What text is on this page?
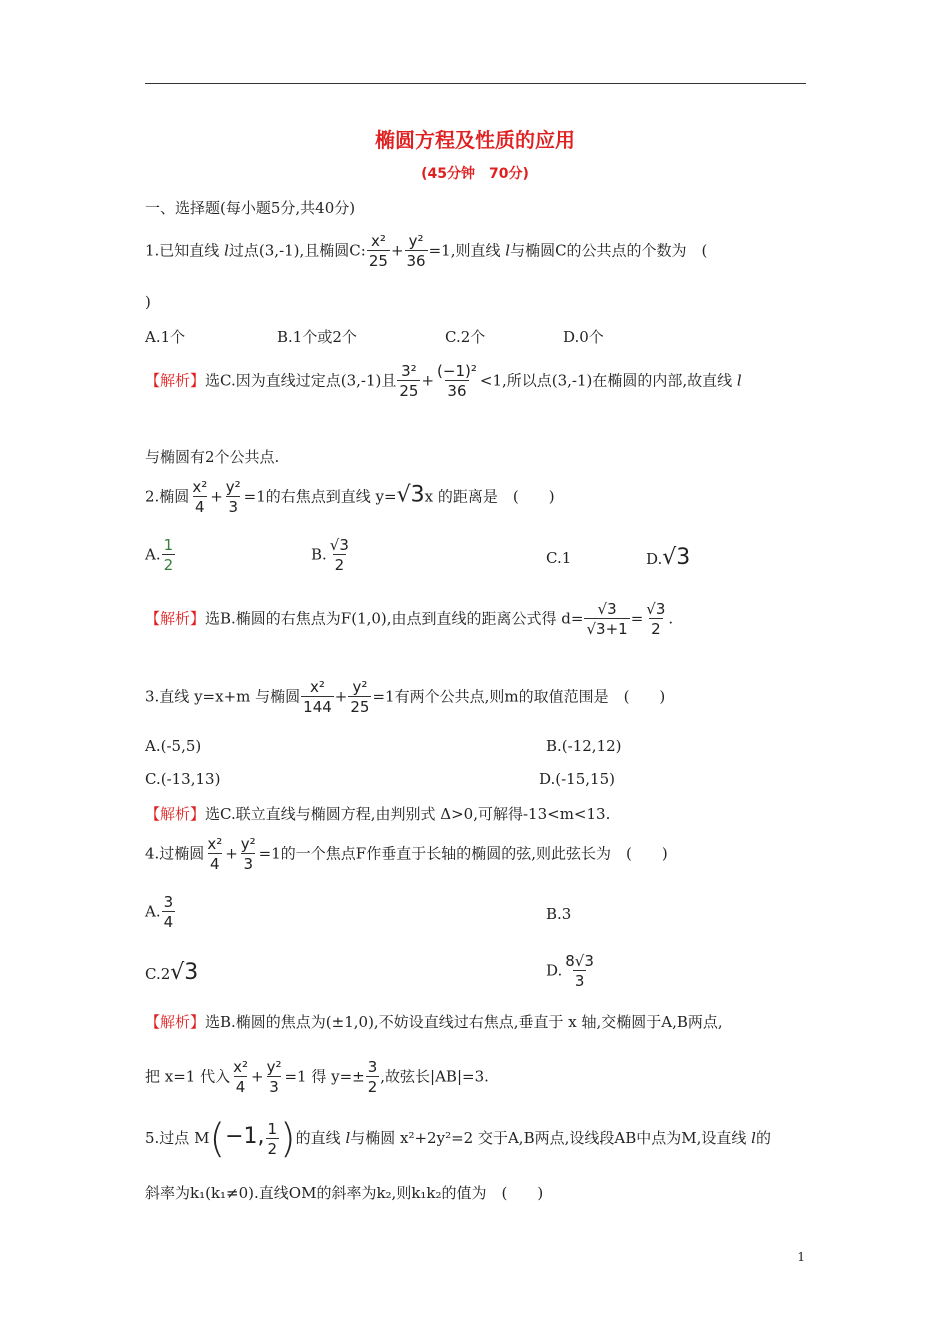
椭圆方程及性质的应用
(45分钟　70分)
一、选择题(每小题5分,共40分)
1.已知直线 l过点(3,-1),且椭圆C: $\frac{\text{x²}}{25} + \frac{\text{y²}}{36} =1$,则直线 l与椭圆C的公共点的个数为　(
)
A.1个	B.1个或2个	C.2个	D.0个
【解析】选C.因为直线过定点(3,-1)且 $\frac{\text{3²}}{25} + \frac{\text{(−1)²}}{36} <1$,所以点(3,-1)在椭圆的内部,故直线 l
与椭圆有2个公共点.
2.椭圆 $\frac{\text{x²}}{4} + \frac{\text{y²}}{3} =1$的右焦点到直线 y=√3x 的距离是　(　　)
A. $\frac{1}{2}$	B. $\frac{√3}{2}$	C.1	D.√3
【解析】选B.椭圆的右焦点为F(1,0),由点到直线的距离公式得 $d= \frac{√3}{√3+1} = \frac{√3}{2}$ .
3.直线 y=x+m 与椭圆 $\frac{\text{x²}}{144} + \frac{\text{y²}}{25} =1$有两个公共点,则m的取值范围是　(　　)
A.(-5,5)	B.(-12,12)
C.(-13,13)	D.(-15,15)
【解析】选C.联立直线与椭圆方程,由判别式 Δ>0,可解得-13<m<13.
4.过椭圆 $\frac{\text{x²}}{4} + \frac{\text{y²}}{3} =1$的一个焦点F作垂直于长轴的椭圆的弦,则此弦长为　(　　)
A. $\frac{3}{4}$	B.3
C.2√3	D. $\frac{8√3}{3}$
【解析】选B.椭圆的焦点为(±1,0),不妨设直线过右焦点,垂直于 x 轴,交椭圆于A,B两点,
把 x=1 代入 $\frac{\text{x²}}{4} + \frac{\text{y²}}{3} =1$ 得 $y=\pm \frac{3}{2}$ ,故弦长|AB|=3.
5.过点 M(−1, $\frac{1}{2}$ )的直线 l与椭圆 x²+2y²=2 交于A,B两点,设线段AB中点为M,设直线 l的
斜率为k₁(k₁≠0).直线OM的斜率为k₂,则k₁k₂的值为　(　　)
1
